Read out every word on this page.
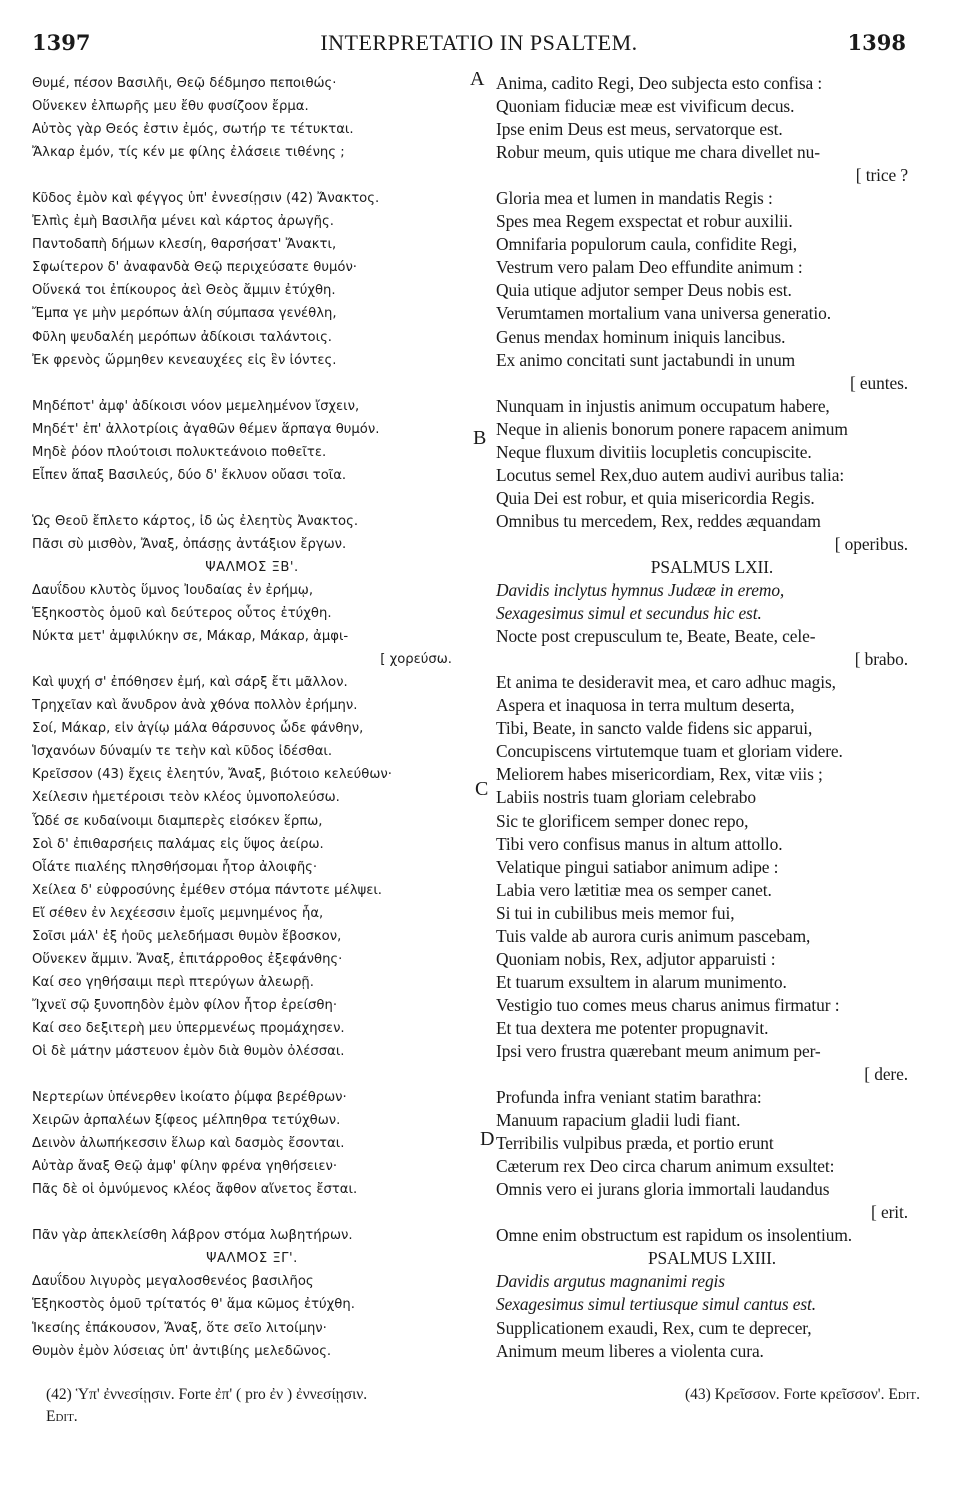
1397	INTERPRETATIO IN PSALTEM.	1398
A
B
C
D
Θυμέ, πέσον Βασιλῆι, Θεῷ δέδμησο πεποιθώς·
Οὕνεκεν ἐλπωρῆς μευ ἔθυ φυσίζοον ἔρμα.
Αὐτὸς γὰρ Θεός ἐστιν ἐμός, σωτήρ τε τέτυκται.
Ἄλκαρ ἐμόν, τίς κέν με φίλης ἐλάσειε τιθένης ;
Κῦδος ἐμὸν καὶ φέγγος ὑπ' ἐννεσίῃσιν (42) Ἄνακτος.
Ἐλπὶς ἐμὴ Βασιλῆα μένει καὶ κάρτος ἀρωγῆς.
Παντοδαπὴ δήμων κλεσίη, θαρσήσατ' Ἄνακτι,
Σφωίτερον δ' ἀναφανδὰ Θεῷ περιχεύσατε θυμόν·
Οὕνεκά τοι ἐπίκουρος ἀεὶ Θεὸς ἄμμιν ἐτύχθη.
Ἔμπα γε μὴν μερόπων ἁλίη σύμπασα γενέθλη,
Φῦλη ψευδαλέη μερόπων ἀδίκοισι ταλάντοις.
Ἐκ φρενὸς ὥρμηθεν κενεαυχέες εἰς ἓν ἰόντες.
Μηδέποτ' ἀμφ' ἀδίκοισι νόον μεμελημένον ἴσχειν,
Μηδέτ' ἐπ' ἀλλοτρίοις ἀγαθῶν θέμεν ἅρπαγα θυμόν.
Μηδὲ ῥόον πλούτοισι πολυκτεάνοιο ποθεῖτε.
Εἶπεν ἅπαξ Βασιλεύς, δύο δ' ἔκλυον οὔασι τοῖα.
Ὡς Θεοῦ ἔπλετο κάρτος, ἰδ ὡς ἐλεητὺς Ἀνακτος.
Πᾶσι σὺ μισθὸν, Ἄναξ, ὀπάσῃς ἀντάξιον ἔργων.
ΨΑΛΜΟΣ ΞΒ'.
Δαυΐδου κλυτὸς ὕμνος Ἰουδαίας ἐν ἐρήμῳ,
Ἑξηκοστὸς ὁμοῦ καὶ δεύτερος οὗτος ἐτύχθη.
Νύκτα μετ' ἀμφιλύκην σε, Μάκαρ, Μάκαρ, ἀμφι-
[ χορεύσω.
Καὶ ψυχή σ' ἐπόθησεν ἐμή, καὶ σάρξ ἔτι μᾶλλον.
Τρηχεῖαν καὶ ἄνυδρον ἀνὰ χθόνα πολλὸν ἐρήμην.
Σοί, Μάκαρ, εἰν ἁγίῳ μάλα θάρσυνος ὧδε φάνθην,
Ἱσχανόων δύναμίν τε τεὴν καὶ κῦδος ἰδέσθαι.
Κρεῖσσον (43) ἔχεις ἐλεητύν, Ἄναξ, βιότοιο κελεύθων·
Χείλεσιν ἡμετέροισι τεὸν κλέος ὑμνοπολεύσω.
Ὧδέ σε κυδαίνοιμι διαμπερὲς εἰσόκεν ἕρπω,
Σοὶ δ' ἐπιθαρσήεις παλάμας εἰς ὕψος ἀείρω.
Οἷάτε πιαλέης πλησθήσομαι ἦτορ ἀλοιφῆς·
Χείλεα δ' εὐφροσύνης ἐμέθεν στόμα πάντοτε μέλψει.
Εἴ σέθεν ἐν λεχέεσσιν ἐμοῖς μεμνημένος ἦα,
Σοῖσι μάλ' ἐξ ἠοῦς μελεδήμασι θυμὸν ἔβοσκον,
Οὕνεκεν ἄμμιν. Ἄναξ, ἐπιτάρροθος ἐξεφάνθης·
Καί σεο γηθήσαιμι περὶ πτερύγων ἀλεωρῇ.
Ἴχνεϊ σῷ ξυνοπηδὸν ἐμὸν φίλον ἦτορ ἐρείσθη·
Καί σεο δεξιτερὴ μευ ὑπερμενέως προμάχησεν.
Οἱ δὲ μάτην μάστευον ἐμὸν διὰ θυμὸν ὀλέσσαι.
Νερτερίων ὑπένερθεν ἱκοίατο ῥίμφα βερέθρων·
Χειρῶν ἁρπαλέων ξίφεος μέλπηθρα τετύχθων.
Δεινὸν ἀλωπήκεσσιν ἕλωρ καὶ δασμὸς ἔσονται.
Αὐτὰρ ἄναξ Θεῷ ἀμφ' φίλην φρένα γηθήσειεν·
Πᾶς δὲ οἱ ὀμνύμενος κλέος ἄφθον αἴνετος ἔσται.
Πᾶν γὰρ ἀπεκλείσθη λάβρον στόμα λωβητήρων.
ΨΑΛΜΟΣ ΞΓ'.
Δαυΐδου λιγυρὸς μεγαλοσθενέος βασιλῆος
Ἑξηκοστὸς ὁμοῦ τρίτατός θ' ἅμα κῶμος ἐτύχθη.
Ἱκεσίης ἐπάκουσον, Ἄναξ, ὅτε σεῖο λιτοίμην·
Θυμὸν ἐμὸν λύσειας ὑπ' ἀντιβίης μελεδῶνος.
Anima, cadito Regi, Deo subjecta esto confisa :
Quoniam fiduciæ meæ est vivificum decus.
Ipse enim Deus est meus, servatorque est.
Robur meum, quis utique me chara divellet nu-
[ trice ?
Gloria mea et lumen in mandatis Regis :
Spes mea Regem exspectat et robur auxilii.
Omnifaria populorum caula, confidite Regi,
Vestrum vero palam Deo effundite animum :
Quia utique adjutor semper Deus nobis est.
Verumtamen mortalium vana universa generatio.
Genus mendax hominum iniquis lancibus.
Ex animo concitati sunt jactabundi in unum
[ euntes.
Nunquam in injustis animum occupatum habere,
Neque in alienis bonorum ponere rapacem animum
Neque fluxum divitiis locupletis concupiscite.
Locutus semel Rex,duo autem audivi auribus talia:
Quia Dei est robur, et quia misericordia Regis.
Omnibus tu mercedem, Rex, reddes æquandam
[ operibus.
PSALMUS LXII.
Davidis inclytus hymnus Judææ in eremo,
Sexagesimus simul et secundus hic est.
Nocte post crepusculum te, Beate, Beate, cele-
[ brabo.
Et anima te desideravit mea, et caro adhuc magis,
Aspera et inaquosa in terra multum deserta,
Tibi, Beate, in sancto valde fidens sic apparui,
Concupiscens virtutemque tuam et gloriam videre.
Meliorem habes misericordiam, Rex, vitæ viis ;
Labiis nostris tuam gloriam celebrabo
Sic te glorificem semper donec repo,
Tibi vero confisus manus in altum attollo.
Velatique pingui satiabor animum adipe :
Labia vero lætitiæ mea os semper canet.
Si tui in cubilibus meis memor fui,
Tuis valde ab aurora curis animum pascebam,
Quoniam nobis, Rex, adjutor apparuisti :
Et tuarum exsultem in alarum munimento.
Vestigio tuo comes meus charus animus firmatur :
Et tua dextera me potenter propugnavit.
Ipsi vero frustra quærebant meum animum per-
[ dere.
Profunda infra veniant statim barathra:
Manuum rapacium gladii ludi fiant.
Terribilis vulpibus præda, et portio erunt
Cæterum rex Deo circa charum animum exsultet:
Omnis vero ei jurans gloria immortali laudandus
[ erit.
Omne enim obstructum est rapidum os insolentium.
PSALMUS LXIII.
Davidis argutus magnanimi regis
Sexagesimus simul tertiusque simul cantus est.
Supplicationem exaudi, Rex, cum te deprecer,
Animum meum liberes a violenta cura.
(42) Ὑπ' ἐννεσίῃσιν. Forte ἐπ' ( pro ἐν ) ἐννεσίῃσιν.
Edit.
(43) Κρεῖσσον. Forte κρεῖσσον'. Edit.
